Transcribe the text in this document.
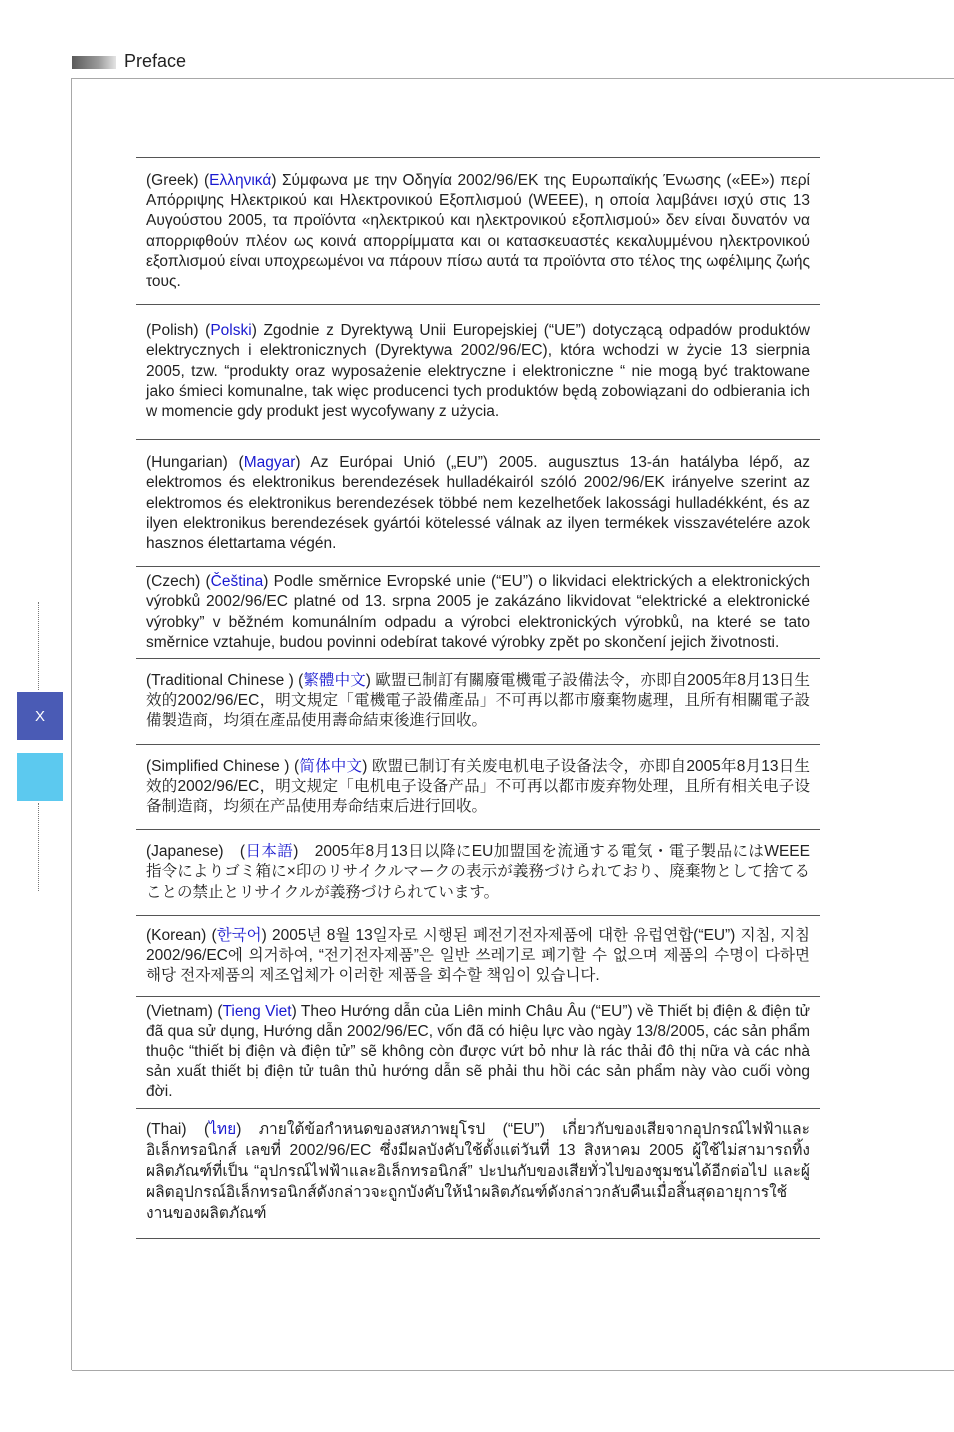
Preface
X
(Greek) (Ελληνικά) Σύμφωνα με την Οδηγία 2002/96/ΕΚ της Ευρωπαϊκής Ένωσης («ΕΕ») περί Απόρριψης Ηλεκτρικού και Ηλεκτρονικού Εξοπλισμού (WEEE), η οποία λαμβάνει ισχύ στις 13 Αυγούστου 2005, τα προϊόντα «ηλεκτρικού και ηλεκτρονικού εξοπλισμού» δεν είναι δυνατόν να απορριφθούν πλέον ως κοινά απορρίμματα και οι κατασκευαστές κεκαλυμμένου ηλεκτρονικού εξοπλισμού είναι υποχρεωμένοι να πάρουν πίσω αυτά τα προϊόντα στο τέλος της ωφέλιμης ζωής τους.
(Polish) (Polski) Zgodnie z Dyrektywą Unii Europejskiej (“UE”) dotyczącą odpadów produktów elektrycznych i elektronicznych (Dyrektywa 2002/96/EC), która wchodzi w życie 13 sierpnia 2005, tzw. “produkty oraz wyposażenie elektryczne i elektroniczne “ nie mogą być traktowane jako śmieci komunalne, tak więc producenci tych produktów będą zobowiązani do odbierania ich w momencie gdy produkt jest wycofywany z użycia.
(Hungarian) (Magyar) Az Európai Unió („EU”) 2005. augusztus 13-án hatályba lépő, az elektromos és elektronikus berendezések hulladékairól szóló 2002/96/EK irányelve szerint az elektromos és elektronikus berendezések többé nem kezelhetőek lakossági hulladékként, és az ilyen elektronikus berendezések gyártói kötelessé válnak az ilyen termékek visszavételére azok hasznos élettartama végén.
(Czech) (Čeština) Podle směrnice Evropské unie (“EU”) o likvidaci elektrických a elektronických výrobků 2002/96/EC platné od 13. srpna 2005 je zakázáno likvidovat “elektrické a elektronické výrobky” v běžném komunálním odpadu a výrobci elektronických výrobků, na které se tato směrnice vztahuje, budou povinni odebírat takové výrobky zpět po skončení jejich životnosti.
(Traditional Chinese ) (繁體中文) 歐盟已制訂有關廢電機電子設備法令，亦即自2005年8月13日生效的2002/96/EC，明文規定「電機電子設備產品」不可再以都市廢棄物處理，且所有相關電子設備製造商，均須在產品使用壽命結束後進行回收。
(Simplified Chinese ) (简体中文) 欧盟已制订有关废电机电子设备法令，亦即自2005年8月13日生效的2002/96/EC，明文规定「电机电子设备产品」不可再以都市废弃物处理，且所有相关电子设备制造商，均须在产品使用寿命结束后进行回收。
(Japanese)　(日本語)　2005年8月13日以降にEU加盟国を流通する電気・電子製品にはWEEE指令によりゴミ箱に×印のリサイクルマークの表示が義務づけられており、廃棄物として捨てることの禁止とリサイクルが義務づけられています。
(Korean) (한국어) 2005년 8월 13일자로 시행된 폐전기전자제품에 대한 유럽연합(“EU”) 지침, 지침 2002/96/EC에 의거하여, “전기전자제품”은 일반 쓰레기로 폐기할 수 없으며 제품의 수명이 다하면 해당 전자제품의 제조업체가 이러한 제품을 회수할 책임이 있습니다.
(Vietnam) (Tieng Viet) Theo Hướng dẫn của Liên minh Châu Âu (“EU”) về Thiết bị điện & điện tử đã qua sử dụng, Hướng dẫn 2002/96/EC, vốn đã có hiệu lực vào ngày 13/8/2005, các sản phẩm thuộc “thiết bị điện và điện tử” sẽ không còn được vứt bỏ như là rác thải đô thị nữa và các nhà sản xuất thiết bị điện tử tuân thủ hướng dẫn sẽ phải thu hồi các sản phẩm này vào cuối vòng đời.
(Thai) (ไทย) ภายใต้ข้อกำหนดของสหภาพยุโรป (“EU”) เกี่ยวกับของเสียจากอุปกรณ์ไฟฟ้าและอิเล็กทรอนิกส์ เลขที่ 2002/96/EC ซึ่งมีผลบังคับใช้ตั้งแต่วันที่ 13 สิงหาคม 2005 ผู้ใช้ไม่สามารถทิ้งผลิตภัณฑ์ที่เป็น “อุปกรณ์ไฟฟ้าและอิเล็กทรอนิกส์” ปะปนกับของเสียทั่วไปของชุมชนได้อีกต่อไป และผู้ผลิตอุปกรณ์อิเล็กทรอนิกส์ดังกล่าวจะถูกบังคับให้นำผลิตภัณฑ์ดังกล่าวกลับคืนเมื่อสิ้นสุดอายุการใช้งานของผลิตภัณฑ์
